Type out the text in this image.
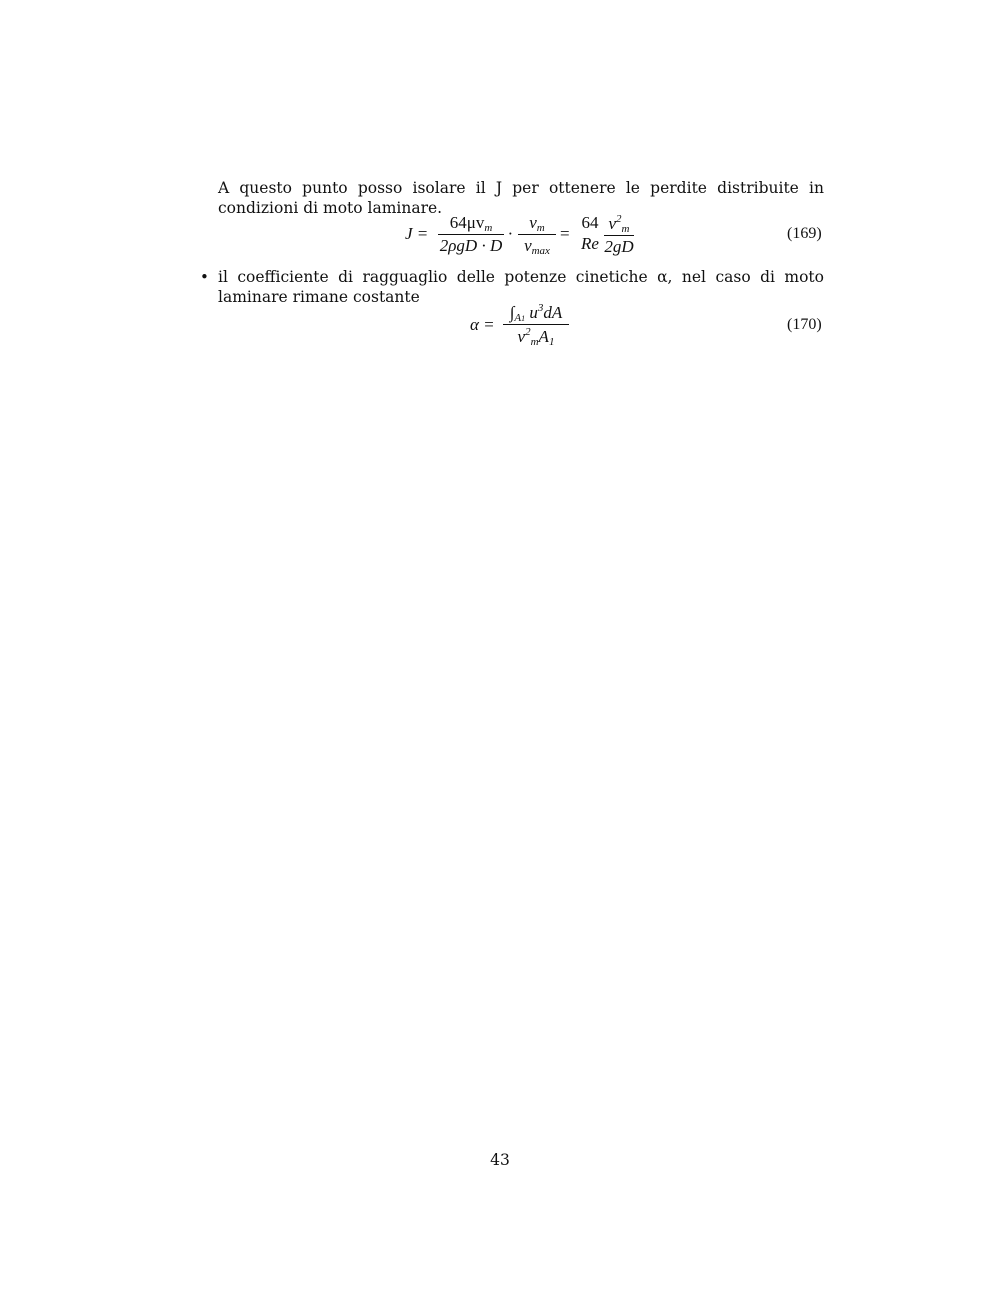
A questo punto posso isolare il J per ottenere le perdite distribuite in condizioni di moto laminare.
J =
$64\mu v_m$
2ρgD · D
·
$v_m$
$v_{max}$
=
64
Re $\frac{v^2_m}{2gD}$	(169)
• il coefficiente di ragguaglio delle potenze cinetiche α, nel caso di moto laminare rimane costante
$\alpha = \frac{\int_{A1} u^3dA}{v^2_mA_1}$	(170)
43
